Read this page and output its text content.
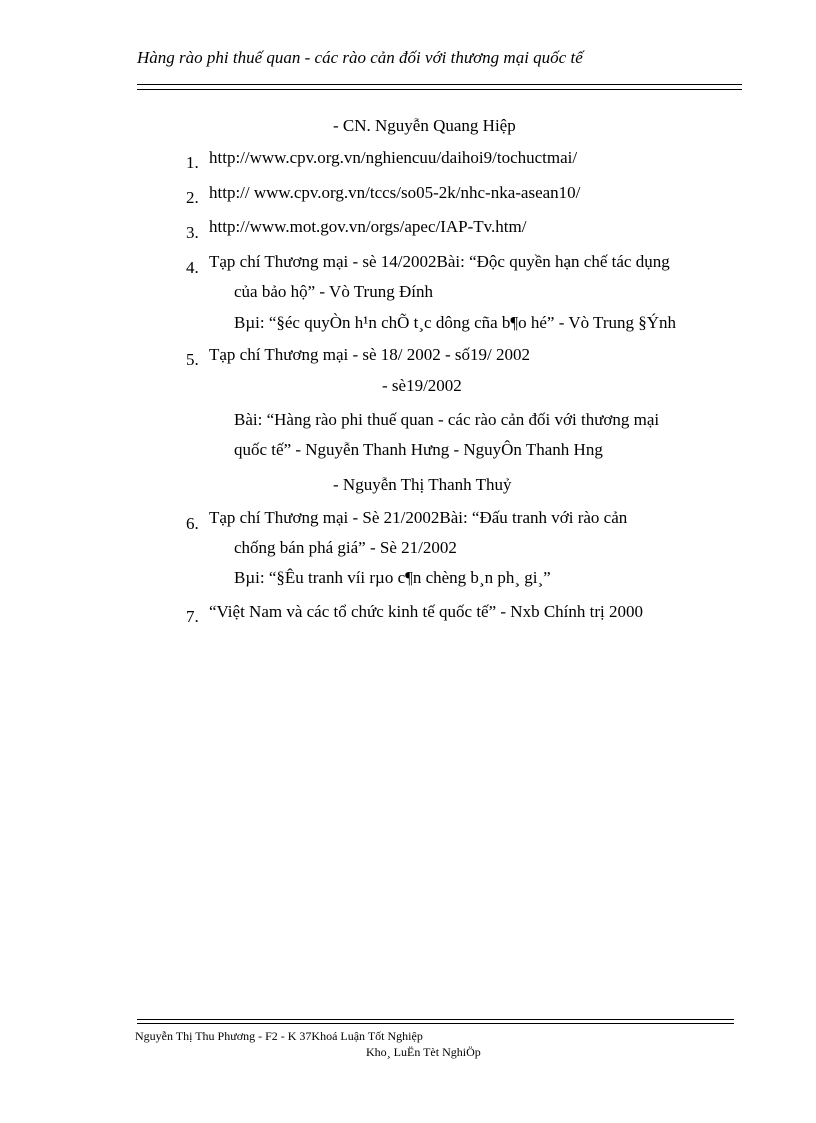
Hàng rào phi thuế quan - các rào cản đối với thương mại quốc tế
- CN. Nguyễn Quang Hiệp
1. http://www.cpv.org.vn/nghiencuu/daihoi9/tochuctmai/
2. http:// www.cpv.org.vn/tccs/so05-2k/nhc-nka-asean10/
3. http://www.mot.gov.vn/orgs/apec/IAP-Tv.htm/
4. Tạp chí Thương mại - sè 14/2002Bài: “Độc quyền hạn chế tác dụng
của bảo hộ” - Vò Trung Đính
Bµi: “§éc quyÒn h¹n chÕ t¸c dông cña b¶o hé” - Vò Trung §Ýnh
5. Tạp chí Thương mại - sè 18/ 2002 - số19/ 2002
- sè19/2002
Bài: “Hàng rào phi thuế quan - các rào cản đối với thương mại
quốc tế” - Nguyễn Thanh Hưng - NguyÔn Thanh Hng
- Nguyễn Thị Thanh Thuỷ
6. Tạp chí Thương mại - Sè 21/2002Bài: “Đấu tranh với rào cản
chống bán phá giá” - Sè 21/2002
Bµi: “§Êu tranh víi rµo c¶n chèng b¸n ph¸ gi¸”
7. “Việt Nam và các tổ chức kinh tế quốc tế” - Nxb Chính trị 2000
Nguyễn Thị Thu Phương - F2 - K 37Khoá Luận Tốt Nghiệp
Kho¸ LuËn Tèt NghiÖp
